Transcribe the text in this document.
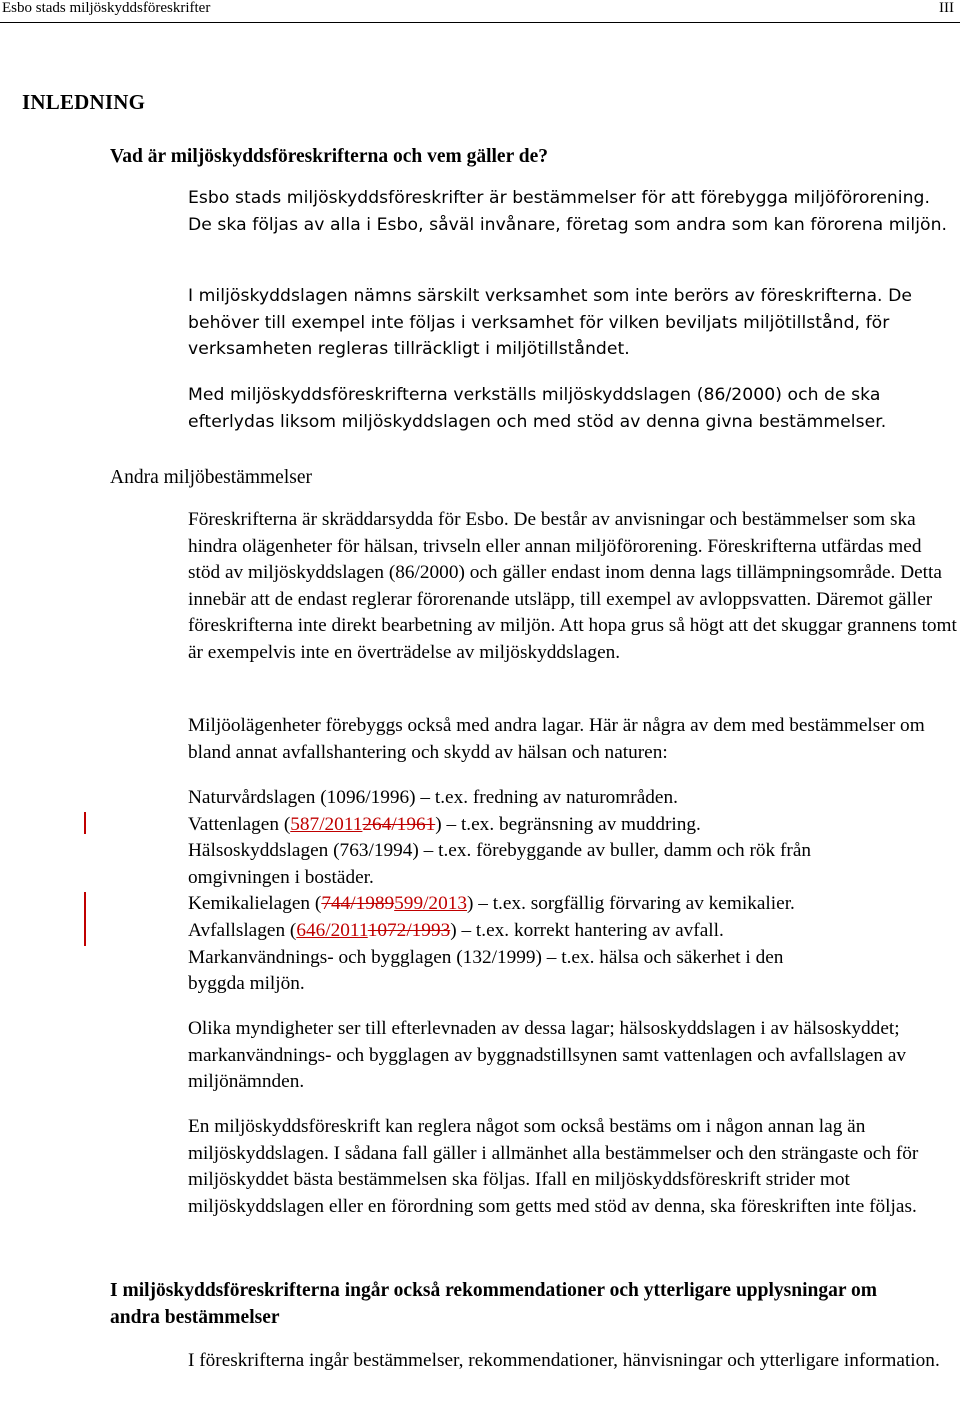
Esbo stads miljöskyddsföreskrifter	III
INLEDNING
Vad är miljöskyddsföreskrifterna och vem gäller de?

Esbo stads miljöskyddsföreskrifter är bestämmelser för att förebygga miljöförorening. De ska följas av alla i Esbo, såväl invånare, företag som andra som kan förorena miljön.

I miljöskyddslagen nämns särskilt verksamhet som inte berörs av föreskrifterna. De behöver till exempel inte följas i verksamhet för vilken beviljats miljötillstånd, för verksamheten regleras tillräckligt i miljötillståndet.

Med miljöskyddsföreskrifterna verkställs miljöskyddslagen (86/2000) och de ska efterlydas liksom miljöskyddslagen och med stöd av denna givna bestämmelser.

Andra miljöbestämmelser

Föreskrifterna är skräddarsydda för Esbo. De består av anvisningar och bestämmelser som ska hindra olägenheter för hälsan, trivseln eller annan miljöförorening. Föreskrifterna utfärdas med stöd av miljöskyddslagen (86/2000) och gäller endast inom denna lags tillämpningsområde. Detta innebär att de endast reglerar förorenande utsläpp, till exempel av avloppsvatten. Däremot gäller föreskrifterna inte direkt bearbetning av miljön. Att hopa grus så högt att det skuggar grannens tomt är exempelvis inte en överträdelse av miljöskyddslagen.

Miljöolägenheter förebyggs också med andra lagar. Här är några av dem med bestämmelser om bland annat avfallshantering och skydd av hälsan och naturen:

Naturvårdslagen (1096/1996) – t.ex. fredning av naturområden.
Vattenlagen (587/2011264/1961) – t.ex. begränsning av muddring.
Hälsoskyddslagen (763/1994) – t.ex. förebyggande av buller, damm och rök från
omgivningen i bostäder.
Kemikalielagen (744/1989599/2013) – t.ex. sorgfällig förvaring av kemikalier.
Avfallslagen (646/20111072/1993) – t.ex. korrekt hantering av avfall.
Markanvändnings- och bygglagen (132/1999) – t.ex. hälsa och säkerhet i den
byggda miljön.

Olika myndigheter ser till efterlevnaden av dessa lagar; hälsoskyddslagen i av hälsoskyddet; markanvändnings- och bygglagen av byggnadstillsynen samt vattenlagen och avfallslagen av miljönämnden.

En miljöskyddsföreskrift kan reglera något som också bestäms om i någon annan lag än miljöskyddslagen. I sådana fall gäller i allmänhet alla bestämmelser och den strängaste och för miljöskyddet bästa bestämmelsen ska följas. Ifall en miljöskyddsföreskrift strider mot miljöskyddslagen eller en förordning som getts med stöd av denna, ska föreskriften inte följas.

I miljöskyddsföreskrifterna ingår också rekommendationer och ytterligare upplysningar om andra bestämmelser

I föreskrifterna ingår bestämmelser, rekommendationer, hänvisningar och ytterligare information.
